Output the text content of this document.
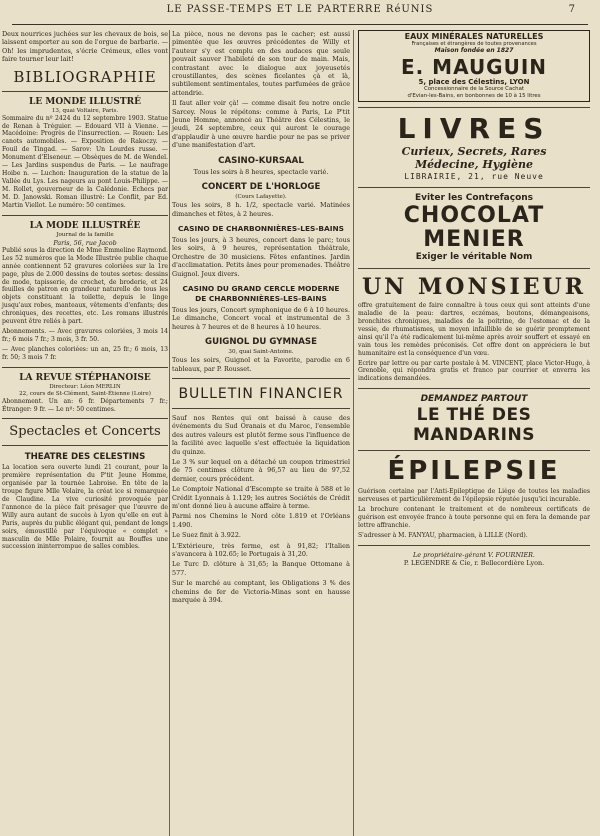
LE PASSE-TEMPS ET LE PARTERRE RéUNIS	7

Deux nourrices juchées sur les chevaux de bois, se laissent emporter au son de l'orgue de barbarie. — Oh! les imprudentes, s'écrie Crémeux, elles vont faire tourner leur lait!

BIBLIOGRAPHIE
LE MONDE ILLUSTRÉ
13, quai Voltaire, Paris.

Sommaire du nº 2424 du 12 septembre 1903. Statue de Renan à Tréguier. — Edouard VII à Vienne. — Macédoine: Progrès de l'insurrection. — Rouen: Les canots automobiles. — Exposition de Rakoczy. — Fouil de Tingad. — Sarov: Un Lourdes russe. — Monument d'Elseneur. — Obsèques de M. de Wendel. — Les Jardins suspendus de Paris. — Le naufrage Hoibe n. — Luchon: Inauguration de la statue de la Vallée du Lys. Les nageurs au pont Louis-Philippe. — M. Rollet, gouverneur de la Calédonie. Echecs par M. D. Janowski. Roman illustré: Le Conflit, par Ed. Martin Viellot. Le numéro: 50 centimes.

LA MODE ILLUSTRÉE
Journal de la famille
Paris, 56, rue Jacob

Publié sous la direction de Mme Emmeline Raymond. Les 52 numéros que la Mode Illustrée publie chaque année contiennent 52 gravures coloriées sur la 1re page, plus de 2.000 dessins de toutes sortes: dessins de mode, tapisserie, de crochet, de broderie, et 24 feuilles de patron en grandeur naturelle de tous les objets constituant la toilette, depuis le linge jusqu'aux robes, manteaux, vêtements d'enfants; des chroniques, des recettes, etc. Les romans illustrés peuvent être reliés à part.

Abonnements. — Avec gravures coloriées, 3 mois 14 fr.; 6 mois 7 fr.; 3 mois, 3 fr. 50.

— Avec planches coloriées: un an, 25 fr.; 6 mois, 13 fr. 50; 3 mois 7 fr.

LA REVUE STÉPHANOISE
Directeur: Léon MERLIN
22, cours de St-Clément, Saint-Étienne (Loire)

Abonnement. Un an: 6 fr. Départements 7 fr.; Étranger: 9 fr. — Le nº: 50 centimes.

Spectacles et Concerts
THEATRE DES CELESTINS

La location sera ouverte lundi 21 courant, pour la première représentation du P'tit Jeune Homme, organisée par la tournée Labroise. En tête de la troupe figure Mlle Volaire, la créat ice si remarquée de Claudine. La vive curiosité provoquée par l'annonce de la pièce fait présager que l'œuvre de Willy aura autant de succès à Lyon qu'elle en eut à Paris, auprès du public élégant qui, pendant de longs soirs, émoustillé par l'équivoque « complet » masculin de Mlle Polaire, fournit au Bouffes une succession ininterrompue de salles combles.

La pièce, nous ne devons pas le cacher; est aussi pimentée que les œuvres précédentes de Willy et l'auteur s'y est complu en des audaces que seule pouvait sauver l'habileté de son tour de main. Mais, contrastant avec le dialogue aux joyeusetés croustillantes, des scènes ficelantes çà et là, subtilement sentimentales, toutes parfumées de grâce attendrie.

Il faut aller voir çà! — comme disait feu notre oncle Sarcey. Nous le répétons: comme à Paris, Le P'tit Jeune Homme, annoncé au Théâtre des Célestins, le jeudi, 24 septembre, ceux qui auront le courage d'applaudir à une œuvre hardie pour ne pas se priver d'une manifestation d'art.

CASINO-KURSAAL

Tous les soirs à 8 heures, spectacle varié.

CONCERT DE L'HORLOGE
(Cours Lafayette).

Tous les soirs, 8 h. 1/2, spectacle varié. Matinées dimanches et fêtes, à 2 heures.

CASINO DE CHARBONNIÈRES-LES-BAINS

Tous les jours, à 3 heures, concert dans le parc; tous les soirs, à 9 heures, représentation théâtrale, Orchestre de 30 musiciens. Fêtes enfantines. Jardin d'acclimatation. Petits ânes pour promenades. Théâtre Guignol. Jeux divers.

CASINO DU GRAND CERCLE MODERNE
DE CHARBONNIÈRES-LES-BAINS

Tous les jours, Concert symphonique de 6 à 10 heures. Le dimanche, Concert vocal et instrumental de 3 heures à 7 heures et de 8 heures à 10 heures.

GUIGNOL DU GYMNASE
30, quai Saint-Antoine.

Tous les soirs, Guignol et la Favorite, parodie en 6 tableaux, par P. Rousset.

BULLETIN FINANCIER

Sauf nos Rentes qui ont baissé à cause des événements du Sud Oranais et du Maroc, l'ensemble des autres valeurs est plutôt ferme sous l'influence de la facilité avec laquelle s'est effectuée la liquidation du quinze.

Le 3 % sur lequel on a détaché un coupon trimestriel de 75 centimes clôture à 96,57 au lieu de 97,52 dernier, cours précédent.

Le Comptoir National d'Escompte se traite à 588 et le Crédit Lyonnais à 1.129; les autres Sociétés de Crédit m'ont donné lieu à aucune affaire à terme.

Parmi nos Chemins le Nord côte 1.819 et l'Orléans 1.490.

Le Suez finit à 3.922.

L'Extérieure, très ferme, est à 91,82; l'Italien s'avancera à 102.65; le Portugais à 31,20.

Le Turc D. clôture à 31,65; la Banque Ottomane à 577.

Sur le marché au comptant, les Obligations 3 % des chemins de fer de Victoria-Minas sont en hausse marquée à 394.

EAUX MINÉRALES NATURELLES
Françaises et étrangères de toutes provenances
Maison fondée en 1827
E. MAUGUIN
5, place des Célestins, LYON
Concessionnaire de la Source Cachat
d'Evian-les-Bains, en bonbonnes de 10 à 15 litres
LIVRES
Curieux, Secrets, Rares
Médecine, Hygiène
LIBRAIRIE, 21, rue Neuve
Eviter les Contrefaçons
CHOCOLAT
MENIER
Exiger le véritable Nom
UN MONSIEUR

offre gratuitement de faire connaître à tous ceux qui sont atteints d'une maladie de la peau: dartres, eczémas, boutons, démangeaisons, bronchites chroniques, maladies de la poitrine, de l'estomac et de la vessie, de rhumatismes, un moyen infaillible de se guérir promptement ainsi qu'il l'a été radicalement lui-même après avoir souffert et essayé en vain tous les remèdes préconisés. Cet offre dont on appréciera le but humanitaire est la conséquence d'un vœu.

Ecrire par lettre ou par carte postale à M. VINCENT, place Victor-Hugo, à Grenoble, qui répondra gratis et franco par courrier et enverra les indications demandées.

DEMANDEZ PARTOUT
LE THÉ DES MANDARINS
ÉPILEPSIE

Guérison certaine par l'Anti-Epileptique de Liège de toutes les maladies nerveuses et particulièrement de l'épilepsie réputée jusqu'ici incurable.

La brochure contenant le traitement et de nombreux certificats de guérison est envoyée franco à toute personne qui en fera la demande par lettre affranchie.

S'adresser à M. FANYAU, pharmacien, à LILLE (Nord).

Le propriétaire-gérant V. FOURNIER.
P. LEGENDRE & Cie, r. Bellecordière Lyon.
